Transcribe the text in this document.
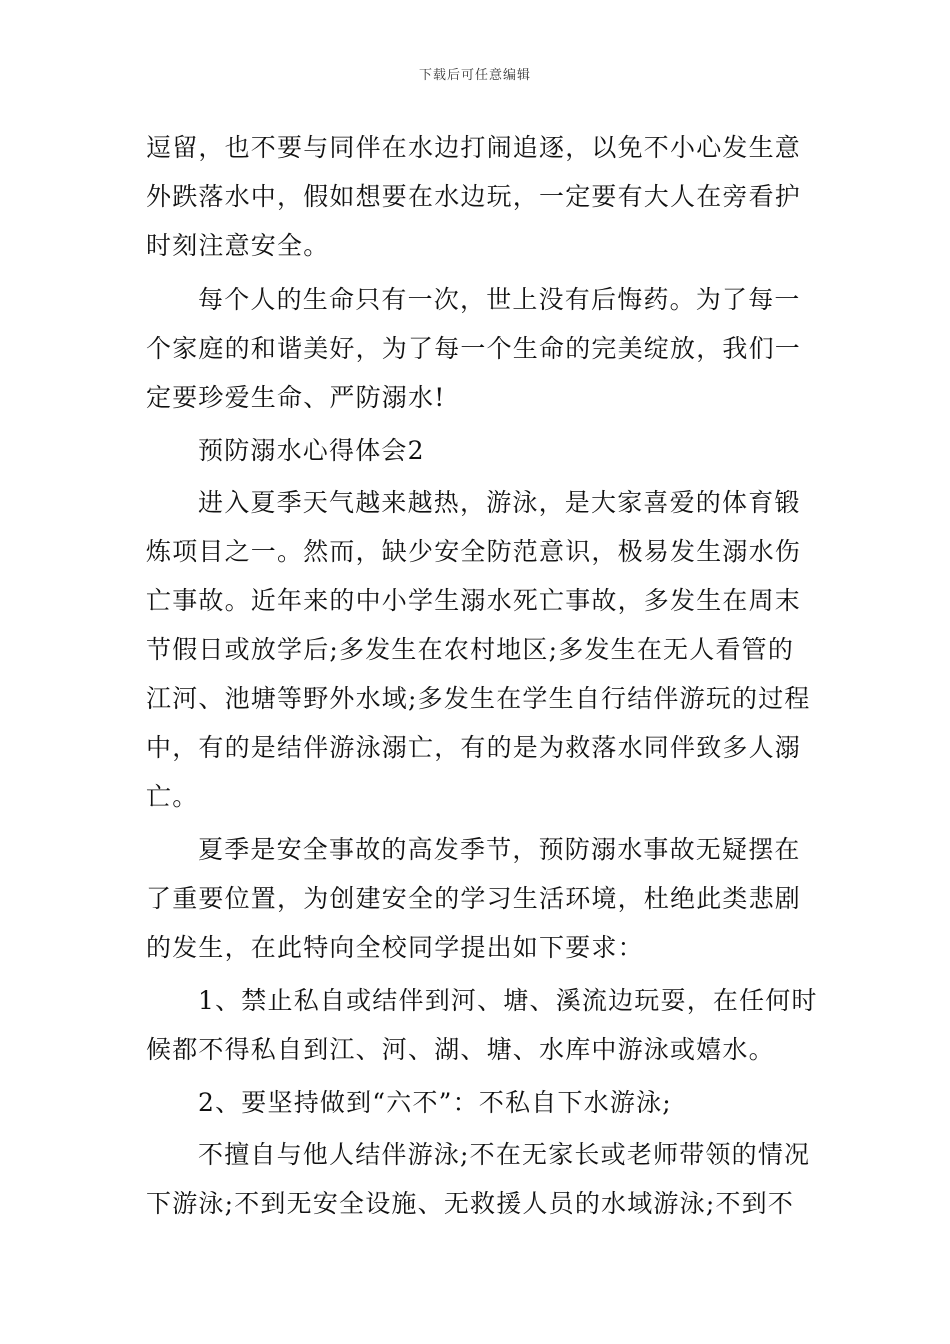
下载后可任意编辑
逗留，也不要与同伴在水边打闹追逐，以免不小心发生意
外跌落水中，假如想要在水边玩，一定要有大人在旁看护
时刻注意安全。
每个人的生命只有一次，世上没有后悔药。为了每一
个家庭的和谐美好，为了每一个生命的完美绽放，我们一
定要珍爱生命、严防溺水!
预防溺水心得体会2
进入夏季天气越来越热，游泳，是大家喜爱的体育锻
炼项目之一。然而，缺少安全防范意识，极易发生溺水伤
亡事故。近年来的中小学生溺水死亡事故，多发生在周末
节假日或放学后;多发生在农村地区;多发生在无人看管的
江河、池塘等野外水域;多发生在学生自行结伴游玩的过程
中，有的是结伴游泳溺亡，有的是为救落水同伴致多人溺
亡。
夏季是安全事故的高发季节，预防溺水事故无疑摆在
了重要位置，为创建安全的学习生活环境，杜绝此类悲剧
的发生，在此特向全校同学提出如下要求：
1、禁止私自或结伴到河、塘、溪流边玩耍，在任何时
候都不得私自到江、河、湖、塘、水库中游泳或嬉水。
2、要坚持做到“六不”：不私自下水游泳;
不擅自与他人结伴游泳;不在无家长或老师带领的情况
下游泳;不到无安全设施、无救援人员的水域游泳;不到不
